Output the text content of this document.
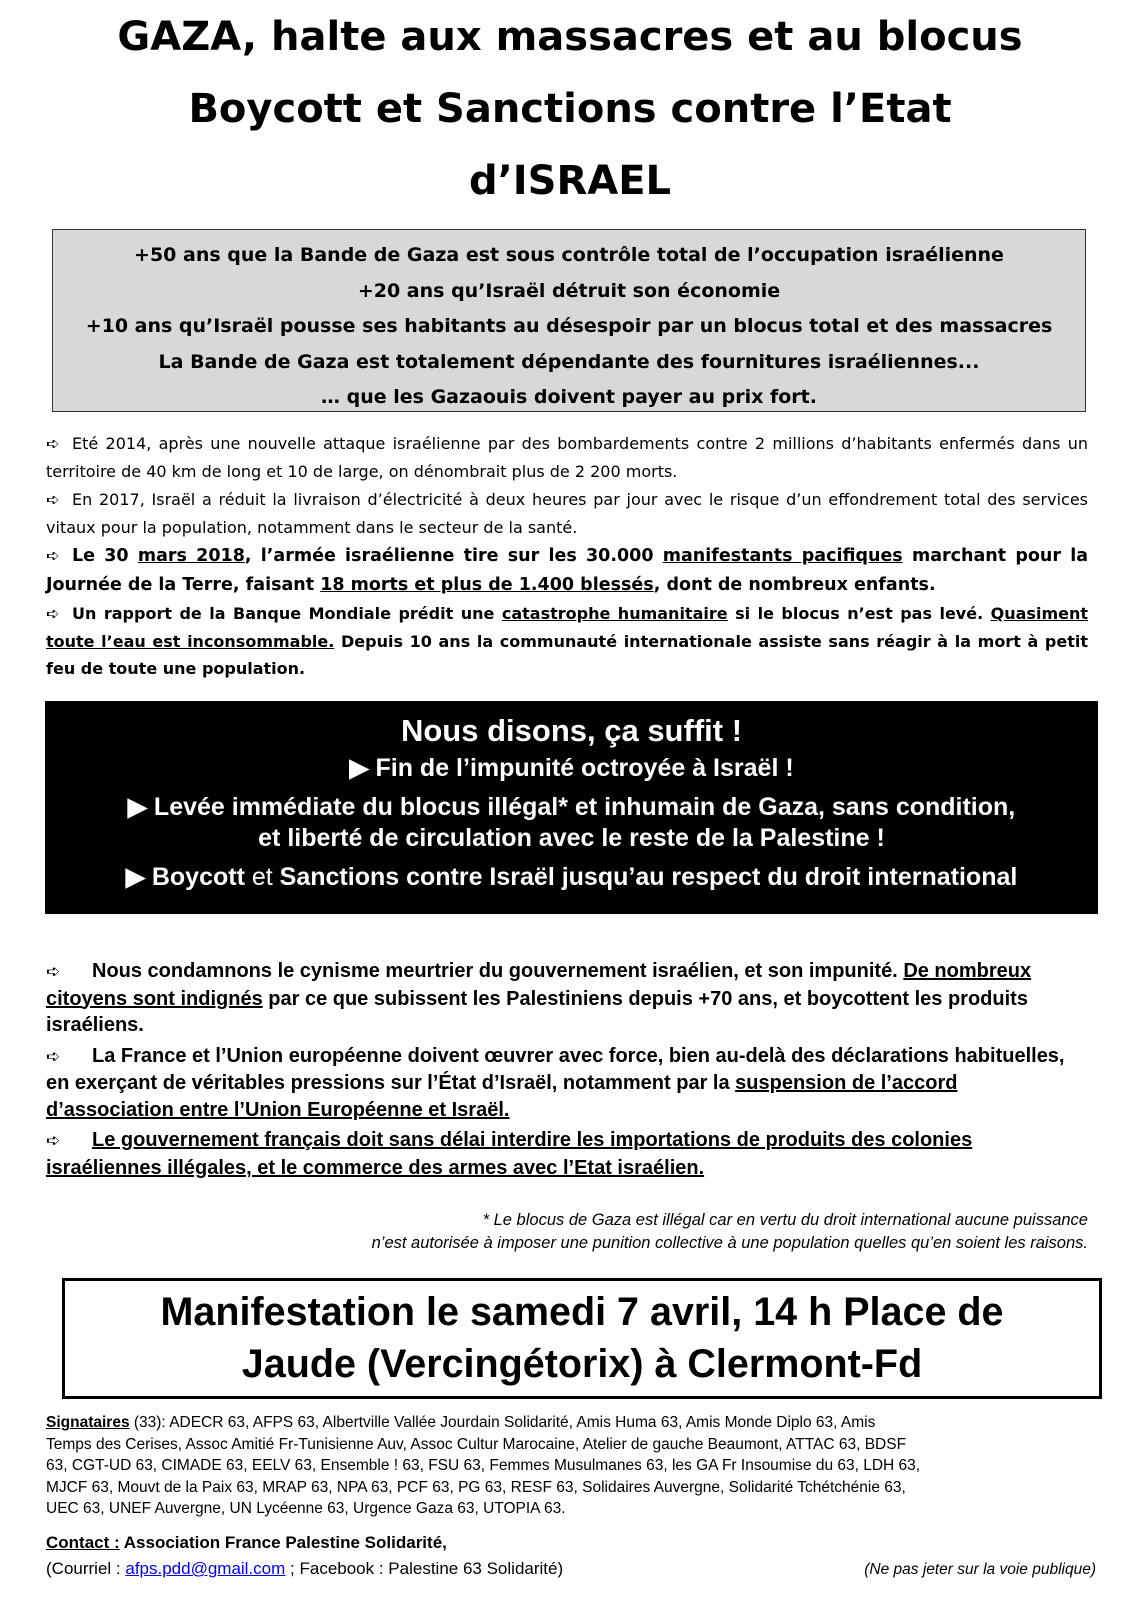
GAZA, halte aux massacres et au blocus
Boycott et Sanctions contre l’Etat
d’ISRAEL
+50 ans que la Bande de Gaza est sous contrôle total de l’occupation israélienne
+20 ans qu’Israël détruit son économie
+10 ans qu’Israël pousse ses habitants au désespoir par un blocus total et des massacres
La Bande de Gaza est totalement dépendante des fournitures israéliennes...
… que les Gazaouis doivent payer au prix fort.

➪ Eté 2014, après une nouvelle attaque israélienne par des bombardements contre 2 millions d’habitants enfermés dans un territoire de 40 km de long et 10 de large, on dénombrait plus de 2 200 morts.

➪ En 2017, Israël a réduit la livraison d’électricité à deux heures par jour avec le risque d’un effondrement total des services vitaux pour la population, notamment dans le secteur de la santé.

➪ Le 30 mars 2018, l’armée israélienne tire sur les 30.000 manifestants pacifiques marchant pour la Journée de la Terre, faisant 18 morts et plus de 1.400 blessés, dont de nombreux enfants.

➪ Un rapport de la Banque Mondiale prédit une catastrophe humanitaire si le blocus n’est pas levé. Quasiment toute l’eau est inconsommable. Depuis 10 ans la communauté internationale assiste sans réagir à la mort à petit feu de toute une population.

Nous disons, ça suffit !
▶ Fin de l’impunité octroyée à Israël !
▶ Levée immédiate du blocus illégal* et inhumain de Gaza, sans condition,
et liberté de circulation avec le reste de la Palestine !
▶ Boycott et Sanctions contre Israël jusqu’au respect du droit international

➪ Nous condamnons le cynisme meurtrier du gouvernement israélien, et son impunité. De nombreux citoyens sont indignés par ce que subissent les Palestiniens depuis +70 ans, et boycottent les produits israéliens.

➪ La France et l’Union européenne doivent œuvrer avec force, bien au-delà des déclarations habituelles, en exerçant de véritables pressions sur l’État d’Israël, notamment par la suspension de l’accord d’association entre l’Union Européenne et Israël.

➪ Le gouvernement français doit sans délai interdire les importations de produits des colonies israéliennes illégales, et le commerce des armes avec l’Etat israélien.

* Le blocus de Gaza est illégal car en vertu du droit international aucune puissance
n’est autorisée à imposer une punition collective à une population quelles qu’en soient les raisons.
Manifestation le samedi 7 avril, 14 h Place de
Jaude (Vercingétorix) à Clermont-Fd
Signataires (33): ADECR 63, AFPS 63, Albertville Vallée Jourdain Solidarité, Amis Huma 63, Amis Monde Diplo 63, Amis
Temps des Cerises, Assoc Amitié Fr-Tunisienne Auv, Assoc Cultur Marocaine, Atelier de gauche Beaumont, ATTAC 63, BDSF
63, CGT-UD 63, CIMADE 63, EELV 63, Ensemble ! 63, FSU 63, Femmes Musulmanes 63, les GA Fr Insoumise du 63, LDH 63,
MJCF 63, Mouvt de la Paix 63, MRAP 63, NPA 63, PCF 63, PG 63, RESF 63, Solidaires Auvergne, Solidarité Tchétchénie 63,
UEC 63, UNEF Auvergne, UN Lycéenne 63, Urgence Gaza 63, UTOPIA 63.
Contact : Association France Palestine Solidarité,
(Courriel : afps.pdd@gmail.com ; Facebook : Palestine 63 Solidarité)	(Ne pas jeter sur la voie publique)
